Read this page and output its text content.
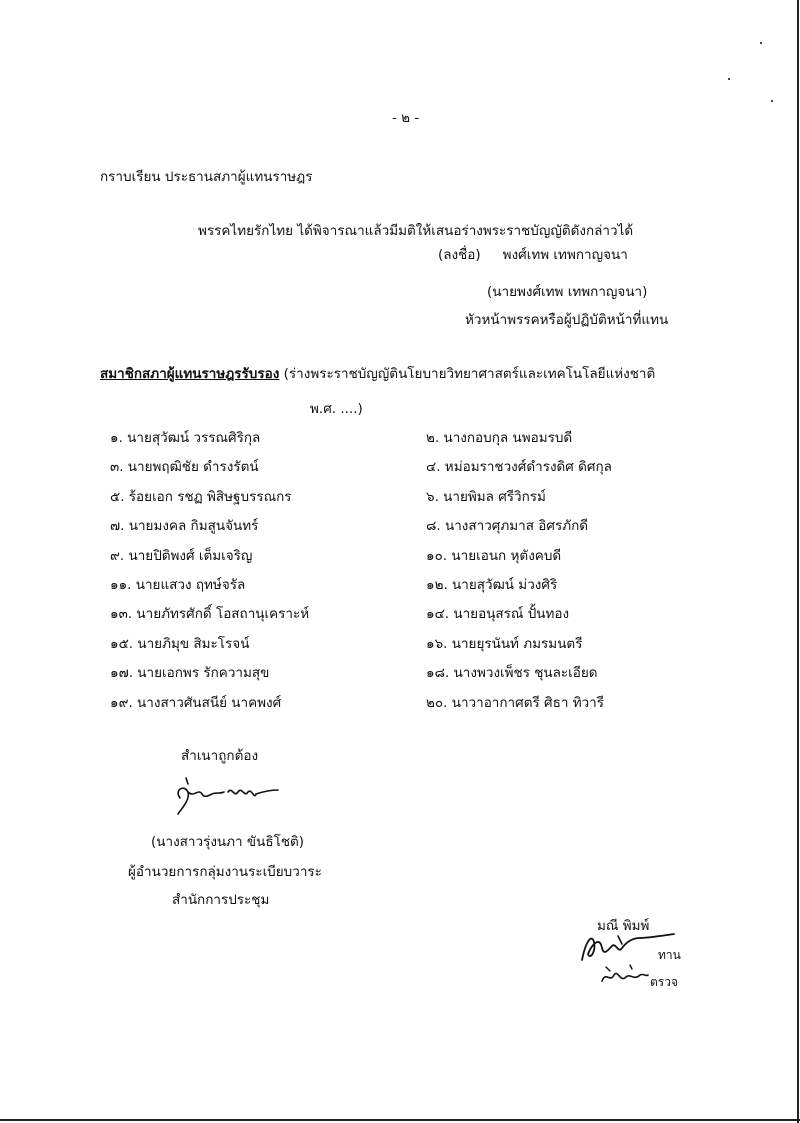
- ๒ -
กราบเรียน ประธานสภาผู้แทนราษฎร
พรรคไทยรักไทย ได้พิจารณาแล้วมีมติให้เสนอร่างพระราชบัญญัติดังกล่าวได้
(ลงชื่อ) พงศ์เทพ เทพกาญจนา
(นายพงศ์เทพ เทพกาญจนา)
หัวหน้าพรรคหรือผู้ปฏิบัติหน้าที่แทน
สมาชิกสภาผู้แทนราษฎรรับรอง (ร่างพระราชบัญญัตินโยบายวิทยาศาสตร์และเทคโนโลยีแห่งชาติ
พ.ศ. ....)
๑. นายสุวัฒน์ วรรณศิริกุล
๓. นายพฤฒิชัย ดำรงรัตน์
๕. ร้อยเอก รชฏ พิสิษฐบรรณกร
๗. นายมงคล กิมสูนจันทร์
๙. นายปิติพงศ์ เต็มเจริญ
๑๑. นายแสวง ฤทษ์จรัล
๑๓. นายภัทรศักดิ์ โอสถานุเคราะห์
๑๕. นายภิมุข สิมะโรจน์
๑๗. นายเอกพร รักความสุข
๑๙. นางสาวศันสนีย์ นาคพงศ์
๒. นางกอบกุล นพอมรบดี
๔. หม่อมราชวงศ์ดำรงดิศ ดิศกุล
๖. นายพิมล ศรีวิกรม์
๘. นางสาวศุภมาส อิศรภักดี
๑๐. นายเอนก หุตังคบดี
๑๒. นายสุวัฒน์ ม่วงศิริ
๑๔. นายอนุสรณ์ ปั้นทอง
๑๖. นายยุรนันท์ ภมรมนตรี
๑๘. นางพวงเพ็ชร ชุนละเอียด
๒๐. นาวาอากาศตรี ศิธา ทิวารี
สำเนาถูกต้อง
(นางสาวรุ่งนภา ขันธิโชติ)
ผู้อำนวยการกลุ่มงานระเบียบวาระ
สำนักการประชุม
มณี พิมพ์
ทาน
ตรวจ
